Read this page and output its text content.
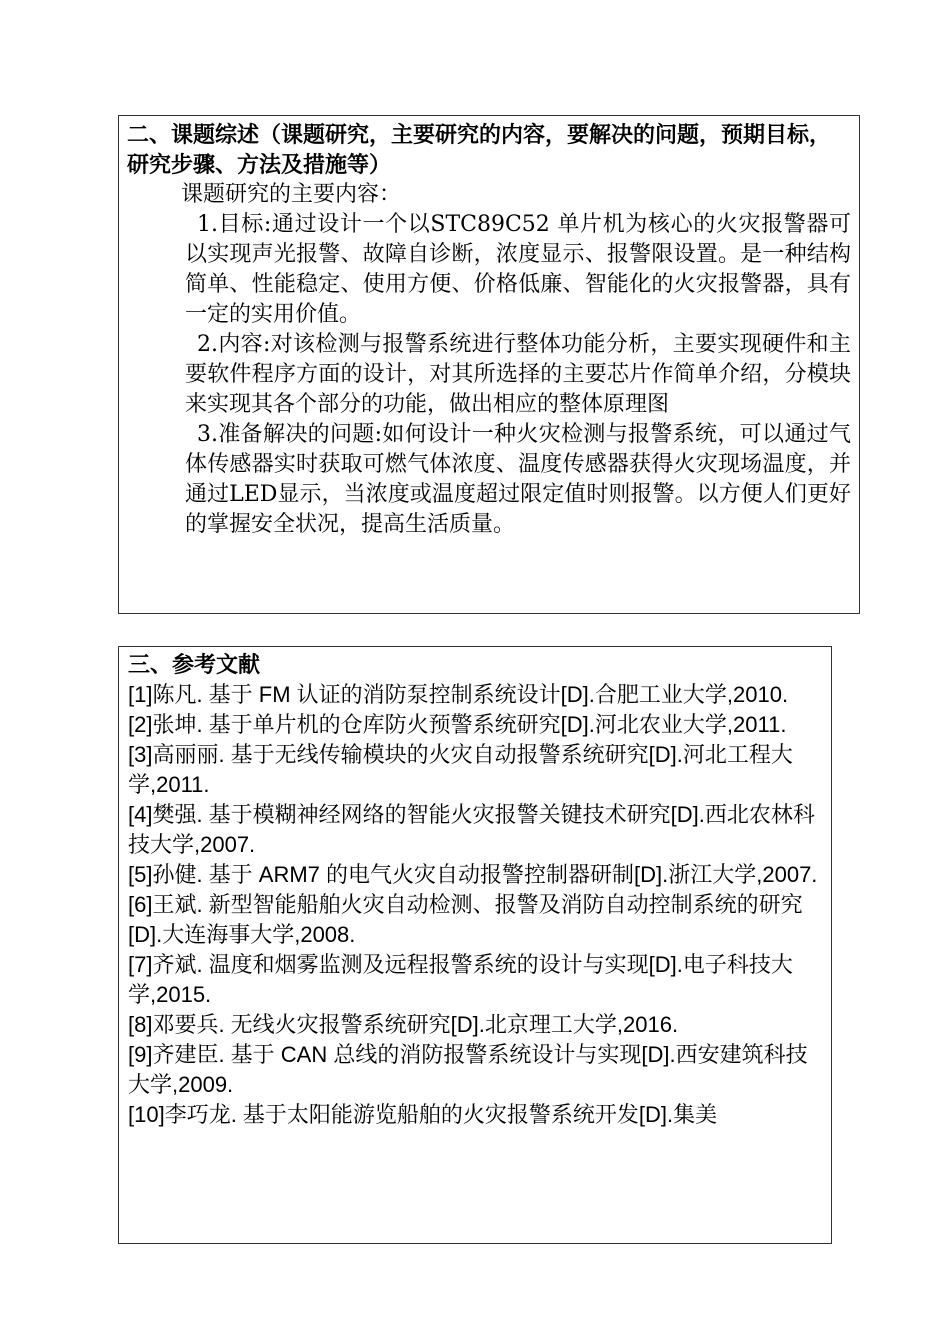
二、课题综述（课题研究，主要研究的内容，要解决的问题，预期目标，研究步骤、方法及措施等）

课题研究的主要内容：

1.目标:通过设计一个以STC89C52 单片机为核心的火灾报警器可以实现声光报警、故障自诊断，浓度显示、报警限设置。是一种结构简单、性能稳定、使用方便、价格低廉、智能化的火灾报警器，具有一定的实用价值。

2.内容:对该检测与报警系统进行整体功能分析，主要实现硬件和主要软件程序方面的设计，对其所选择的主要芯片作简单介绍，分模块来实现其各个部分的功能，做出相应的整体原理图

3.准备解决的问题:如何设计一种火灾检测与报警系统，可以通过气体传感器实时获取可燃气体浓度、温度传感器获得火灾现场温度，并通过LED显示，当浓度或温度超过限定值时则报警。以方便人们更好的掌握安全状况，提高生活质量。

三、参考文献

[1]陈凡. 基于 FM 认证的消防泵控制系统设计[D].合肥工业大学,2010.

[2]张坤. 基于单片机的仓库防火预警系统研究[D].河北农业大学,2011.

[3]高丽丽. 基于无线传输模块的火灾自动报警系统研究[D].河北工程大学,2011.

[4]樊强. 基于模糊神经网络的智能火灾报警关键技术研究[D].西北农林科技大学,2007.

[5]孙健. 基于 ARM7 的电气火灾自动报警控制器研制[D].浙江大学,2007.

[6]王斌. 新型智能船舶火灾自动检测、报警及消防自动控制系统的研究[D].大连海事大学,2008.

[7]齐斌. 温度和烟雾监测及远程报警系统的设计与实现[D].电子科技大学,2015.

[8]邓要兵. 无线火灾报警系统研究[D].北京理工大学,2016.

[9]齐建臣. 基于 CAN 总线的消防报警系统设计与实现[D].西安建筑科技大学,2009.

[10]李巧龙. 基于太阳能游览船舶的火灾报警系统开发[D].集美
